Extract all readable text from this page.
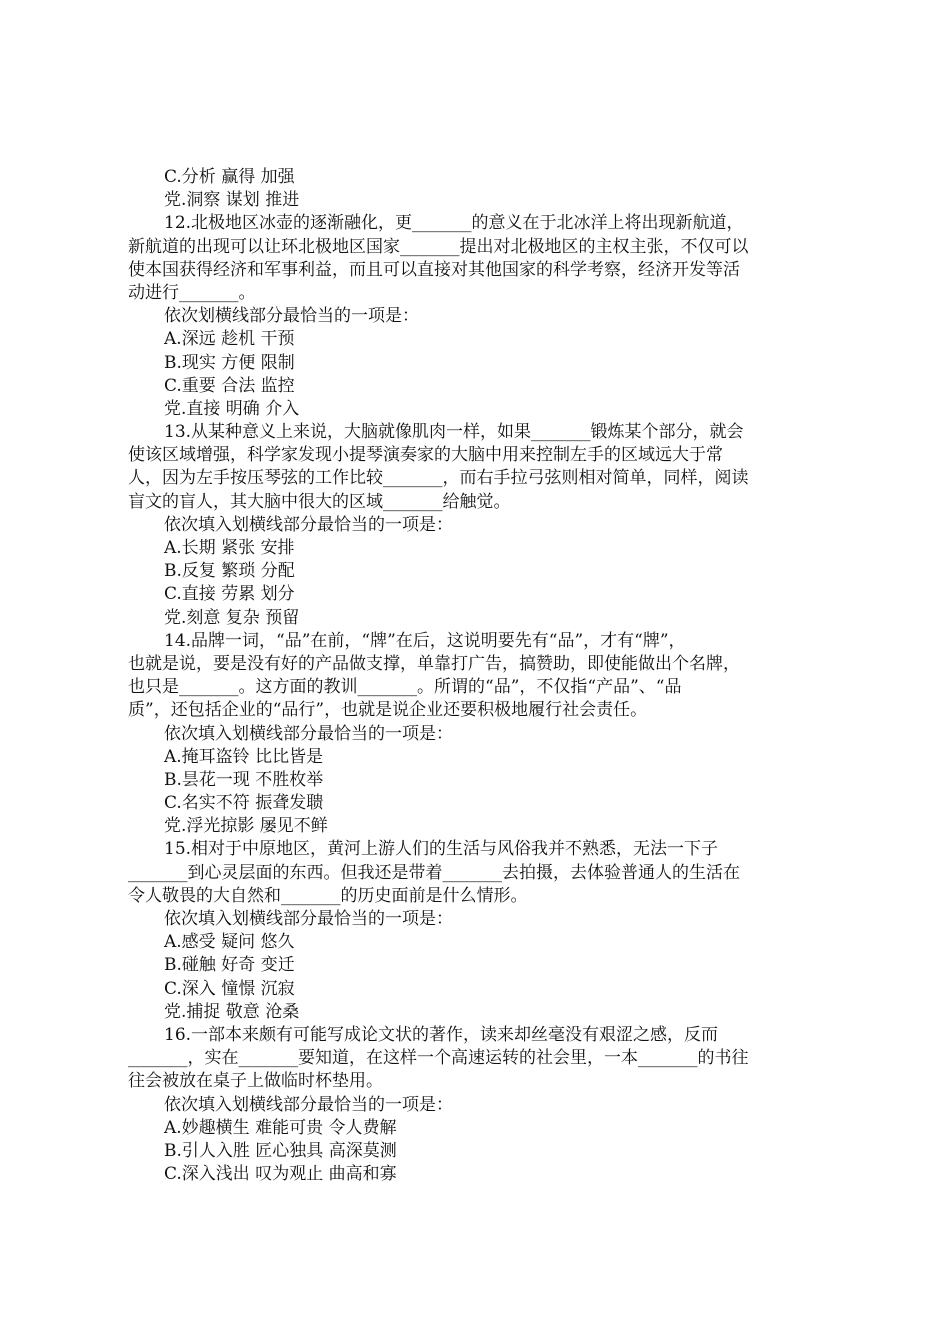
C.分析 赢得 加强
党.洞察 谋划 推进
12.北极地区冰壶的逐渐融化，更_______的意义在于北冰洋上将出现新航道，
新航道的出现可以让环北极地区国家_______提出对北极地区的主权主张，不仅可以
使本国获得经济和军事利益，而且可以直接对其他国家的科学考察，经济开发等活
动进行_______。
依次划横线部分最恰当的一项是：
A.深远 趁机 干预
B.现实 方便 限制
C.重要 合法 监控
党.直接 明确 介入
13.从某种意义上来说，大脑就像肌肉一样，如果_______锻炼某个部分，就会
使该区域增强，科学家发现小提琴演奏家的大脑中用来控制左手的区域远大于常
人，因为左手按压琴弦的工作比较_______，而右手拉弓弦则相对简单，同样，阅读
盲文的盲人，其大脑中很大的区域_______给触觉。
依次填入划横线部分最恰当的一项是：
A.长期 紧张 安排
B.反复 繁琐 分配
C.直接 劳累 划分
党.刻意 复杂 预留
14.品牌一词，“品”在前，“牌”在后，这说明要先有“品”，才有“牌”，
也就是说，要是没有好的产品做支撑，单靠打广告，搞赞助，即使能做出个名牌，
也只是_______。这方面的教训_______。所谓的“品”，不仅指“产品”、“品
质”，还包括企业的“品行”，也就是说企业还要积极地履行社会责任。
依次填入划横线部分最恰当的一项是：
A.掩耳盗铃 比比皆是
B.昙花一现 不胜枚举
C.名实不符 振聋发聩
党.浮光掠影 屡见不鲜
15.相对于中原地区，黄河上游人们的生活与风俗我并不熟悉，无法一下子
_______到心灵层面的东西。但我还是带着_______去拍摄，去体验普通人的生活在
令人敬畏的大自然和_______的历史面前是什么情形。
依次填入划横线部分最恰当的一项是：
A.感受 疑问 悠久
B.碰触 好奇 变迁
C.深入 憧憬 沉寂
党.捕捉 敬意 沧桑
16.一部本来颇有可能写成论文状的著作，读来却丝毫没有艰涩之感，反而
_______，实在_______要知道，在这样一个高速运转的社会里，一本_______的书往
往会被放在桌子上做临时杯垫用。
依次填入划横线部分最恰当的一项是：
A.妙趣横生 难能可贵 令人费解
B.引人入胜 匠心独具 高深莫测
C.深入浅出 叹为观止 曲高和寡
